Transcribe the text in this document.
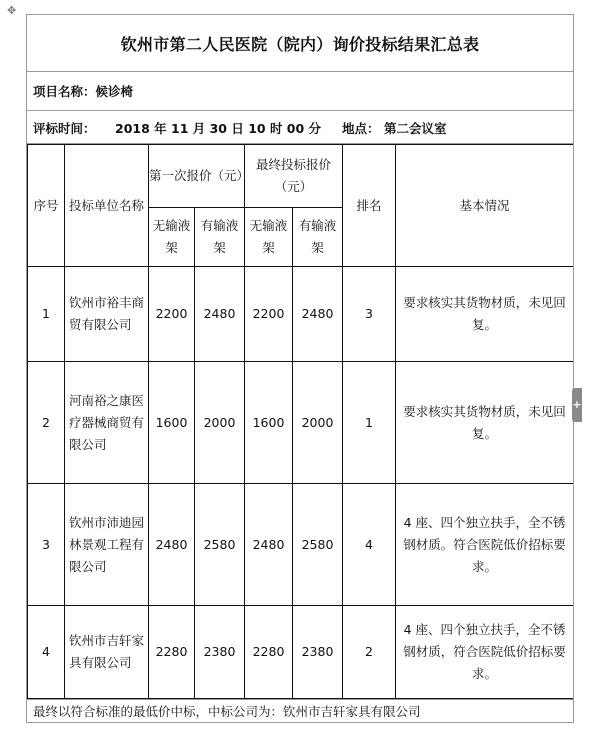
✥
钦州市第二人民医院（院内）询价投标结果汇总表
项目名称：候诊椅

评标时间： 2018 年 11 月 30 日 10 时 00 分 地点： 第二会议室

序号	投标单位名称	第一次报价（元）	最终投标报价（元）	排名	基本情况
无输液架	有输液架	无输液架	有输液架
1	钦州市裕丰商贸有限公司	2200	2480	2200	2480	3	要求核实其货物材质，未见回复。
2	河南裕之康医疗器械商贸有限公司	1600	2000	1600	2000	1	要求核实其货物材质，未见回复。
3	钦州市沛迪园林景观工程有限公司	2480	2580	2480	2580	4	4 座、四个独立扶手，全不锈钢材质。符合医院低价招标要求。
4	钦州市吉轩家具有限公司	2280	2380	2280	2380	2	4 座、四个独立扶手，全不锈钢材质，符合医院低价招标要求。

最终以符合标准的最低价中标，中标公司为：钦州市吉轩家具有限公司
+
